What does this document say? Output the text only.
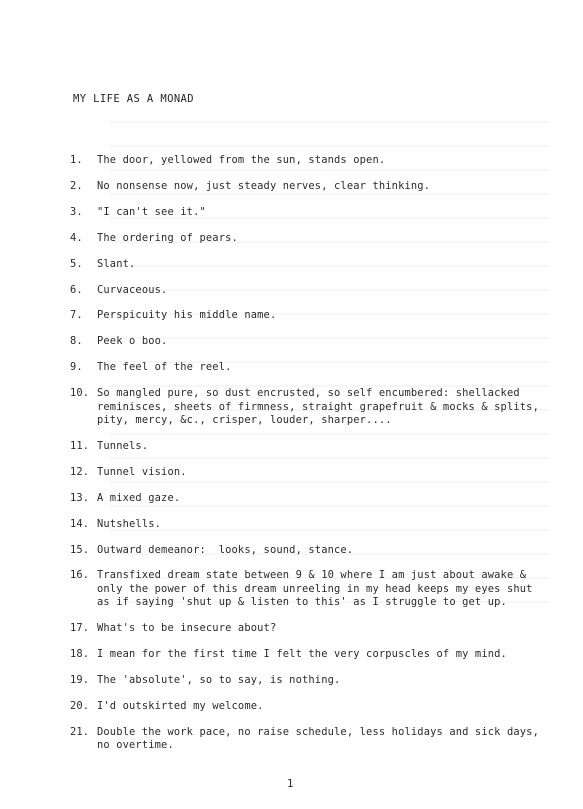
MY LIFE AS A MONAD
1.	The door, yellowed from the sun, stands open.
2.	No nonsense now, just steady nerves, clear thinking.
3.	"I can't see it."
4.	The ordering of pears.
5.	Slant.
6.	Curvaceous.
7.	Perspicuity his middle name.
8.	Peek o boo.
9.	The feel of the reel.
10. So mangled pure, so dust encrusted, so self encumbered: shellacked
reminisces, sheets of firmness, straight grapefruit & mocks & splits,
pity, mercy, &c., crisper, louder, sharper....
11. Tunnels.
12. Tunnel vision.
13. A mixed gaze.
14. Nutshells.
15. Outward demeanor:  looks, sound, stance.
16. Transfixed dream state between 9 & 10 where I am just about awake &
only the power of this dream unreeling in my head keeps my eyes shut
as if saying 'shut up & listen to this' as I struggle to get up.
17. What's to be insecure about?
18. I mean for the first time I felt the very corpuscles of my mind.
19. The 'absolute', so to say, is nothing.
20. I'd outskirted my welcome.
21. Double the work pace, no raise schedule, less holidays and sick days,
no overtime.
1
